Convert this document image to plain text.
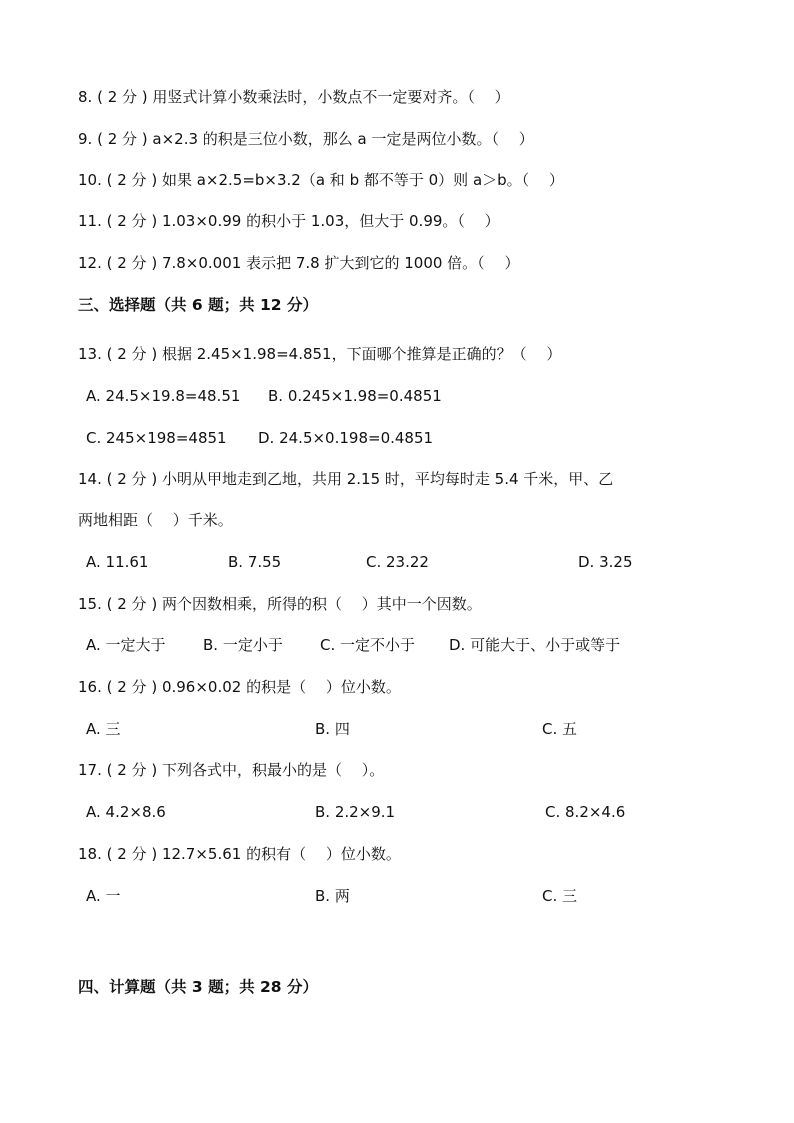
8. ( 2 分 ) 用竖式计算小数乘法时，小数点不一定要对齐。（　 ）
9. ( 2 分 ) a×2.3 的积是三位小数，那么 a 一定是两位小数。（　 ）
10. ( 2 分 ) 如果 a×2.5=b×3.2（a 和 b 都不等于 0）则 a＞b。（　 ）
11. ( 2 分 ) 1.03×0.99 的积小于 1.03，但大于 0.99。（　 ）
12. ( 2 分 ) 7.8×0.001 表示把 7.8 扩大到它的 1000 倍。（　 ）
三、选择题（共 6 题；共 12 分）
13. ( 2 分 ) 根据 2.45×1.98=4.851，下面哪个推算是正确的？（　 ）
A. 24.5×19.8=48.51 B. 0.245×1.98=0.4851
C. 245×198=4851 D. 24.5×0.198=0.4851
14. ( 2 分 ) 小明从甲地走到乙地，共用 2.15 时，平均每时走 5.4 千米，甲、乙
两地相距（　 ）千米。
A. 11.61	B. 7.55	C. 23.22	D. 3.25
15. ( 2 分 ) 两个因数相乘，所得的积（　 ）其中一个因数。
A. 一定大于 B. 一定小于 C. 一定不小于 D. 可能大于、小于或等于
16. ( 2 分 ) 0.96×0.02 的积是（　 ）位小数。
A. 三	B. 四	C. 五
17. ( 2 分 ) 下列各式中，积最小的是（　 ）。
A. 4.2×8.6	B. 2.2×9.1	C. 8.2×4.6
18. ( 2 分 ) 12.7×5.61 的积有（　 ）位小数。
A. 一	B. 两	C. 三
四、计算题（共 3 题；共 28 分）
